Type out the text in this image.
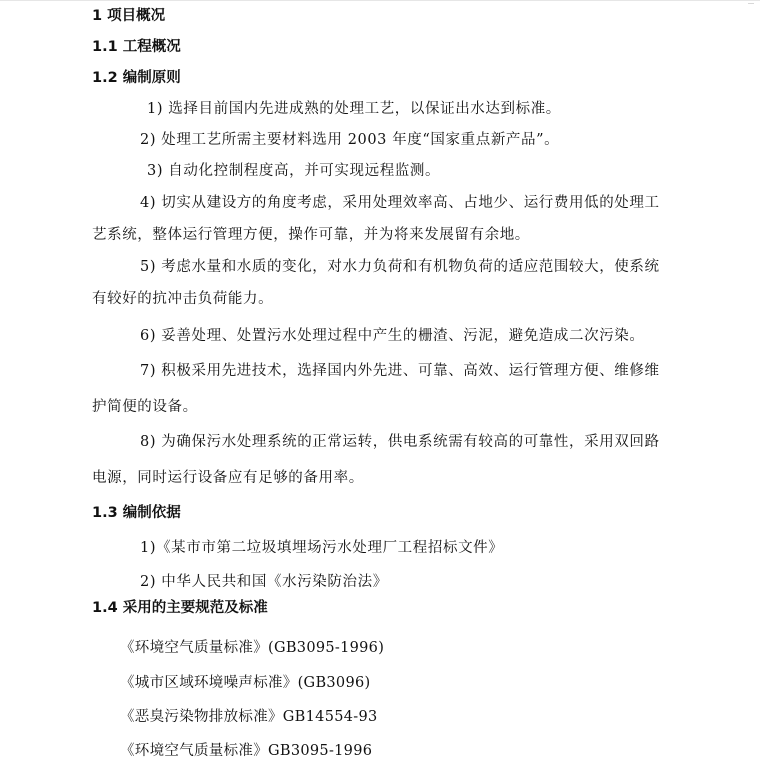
1 项目概况
1.1 工程概况
1.2 编制原则
1) 选择目前国内先进成熟的处理工艺，以保证出水达到标准。
2) 处理工艺所需主要材料选用 2003 年度“国家重点新产品”。
3) 自动化控制程度高，并可实现远程监测。
4) 切实从建设方的角度考虑，采用处理效率高、占地少、运行费用低的处理工
艺系统，整体运行管理方便，操作可靠，并为将来发展留有余地。
5) 考虑水量和水质的变化，对水力负荷和有机物负荷的适应范围较大，使系统
有较好的抗冲击负荷能力。
6) 妥善处理、处置污水处理过程中产生的栅渣、污泥，避免造成二次污染。
7) 积极采用先进技术，选择国内外先进、可靠、高效、运行管理方便、维修维
护简便的设备。
8) 为确保污水处理系统的正常运转，供电系统需有较高的可靠性，采用双回路
电源，同时运行设备应有足够的备用率。
1.3 编制依据
1)《某市市第二垃圾填埋场污水处理厂工程招标文件》
2) 中华人民共和国《水污染防治法》
1.4 采用的主要规范及标准
《环境空气质量标准》(GB3095-1996)
《城市区域环境噪声标准》(GB3096)
《恶臭污染物排放标准》GB14554-93
《环境空气质量标准》GB3095-1996
